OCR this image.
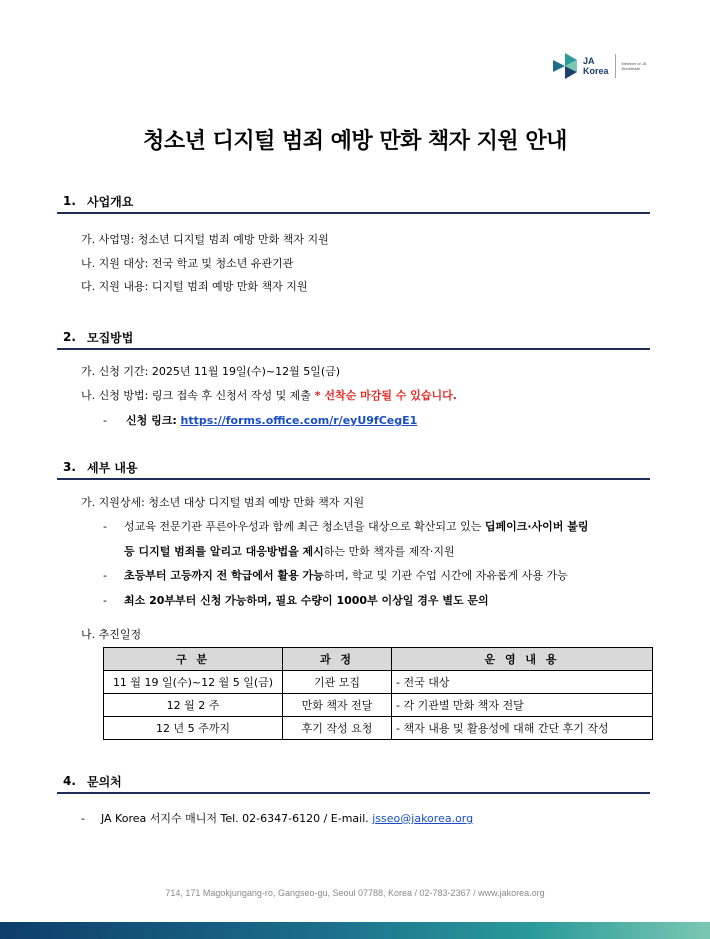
JA
Korea
Member of JA Worldwide
청소년 디지털 범죄 예방 만화 책자 지원 안내
1. 사업개요
가. 사업명: 청소년 디지털 범죄 예방 만화 책자 지원
나. 지원 대상: 전국 학교 및 청소년 유관기관
다. 지원 내용: 디지털 범죄 예방 만화 책자 지원
2. 모집방법
가. 신청 기간: 2025년 11월 19일(수)~12월 5일(금)
나. 신청 방법: 링크 접속 후 신청서 작성 및 제출 * 선착순 마감될 수 있습니다.
- 신청 링크: https://forms.office.com/r/eyU9fCegE1
3. 세부 내용
가. 지원상세: 청소년 대상 디지털 범죄 예방 만화 책자 지원
- 성교육 전문기관 푸른아우성과 함께 최근 청소년을 대상으로 확산되고 있는 딥페이크·사이버 불링
등 디지털 범죄를 알리고 대응방법을 제시하는 만화 책자를 제작·지원
- 초등부터 고등까지 전 학급에서 활용 가능하며, 학교 및 기관 수업 시간에 자유롭게 사용 가능
- 최소 20부부터 신청 가능하며, 필요 수량이 1000부 이상일 경우 별도 문의
나. 추진일정
구 분	과 정	운 영 내 용
11 월 19 일(수)~12 월 5 일(금)	기관 모집	- 전국 대상
12 월 2 주	만화 책자 전달	- 각 기관별 만화 책자 전달
12 년 5 주까지	후기 작성 요청	- 책자 내용 및 활용성에 대해 간단 후기 작성
4. 문의처
- JA Korea 서지수 매니저 Tel. 02-6347-6120 / E-mail. jsseo@jakorea.org
714, 171 Magokjungang-ro, Gangseo-gu, Seoul 07788, Korea / 02-783-2367 / www.jakorea.org
